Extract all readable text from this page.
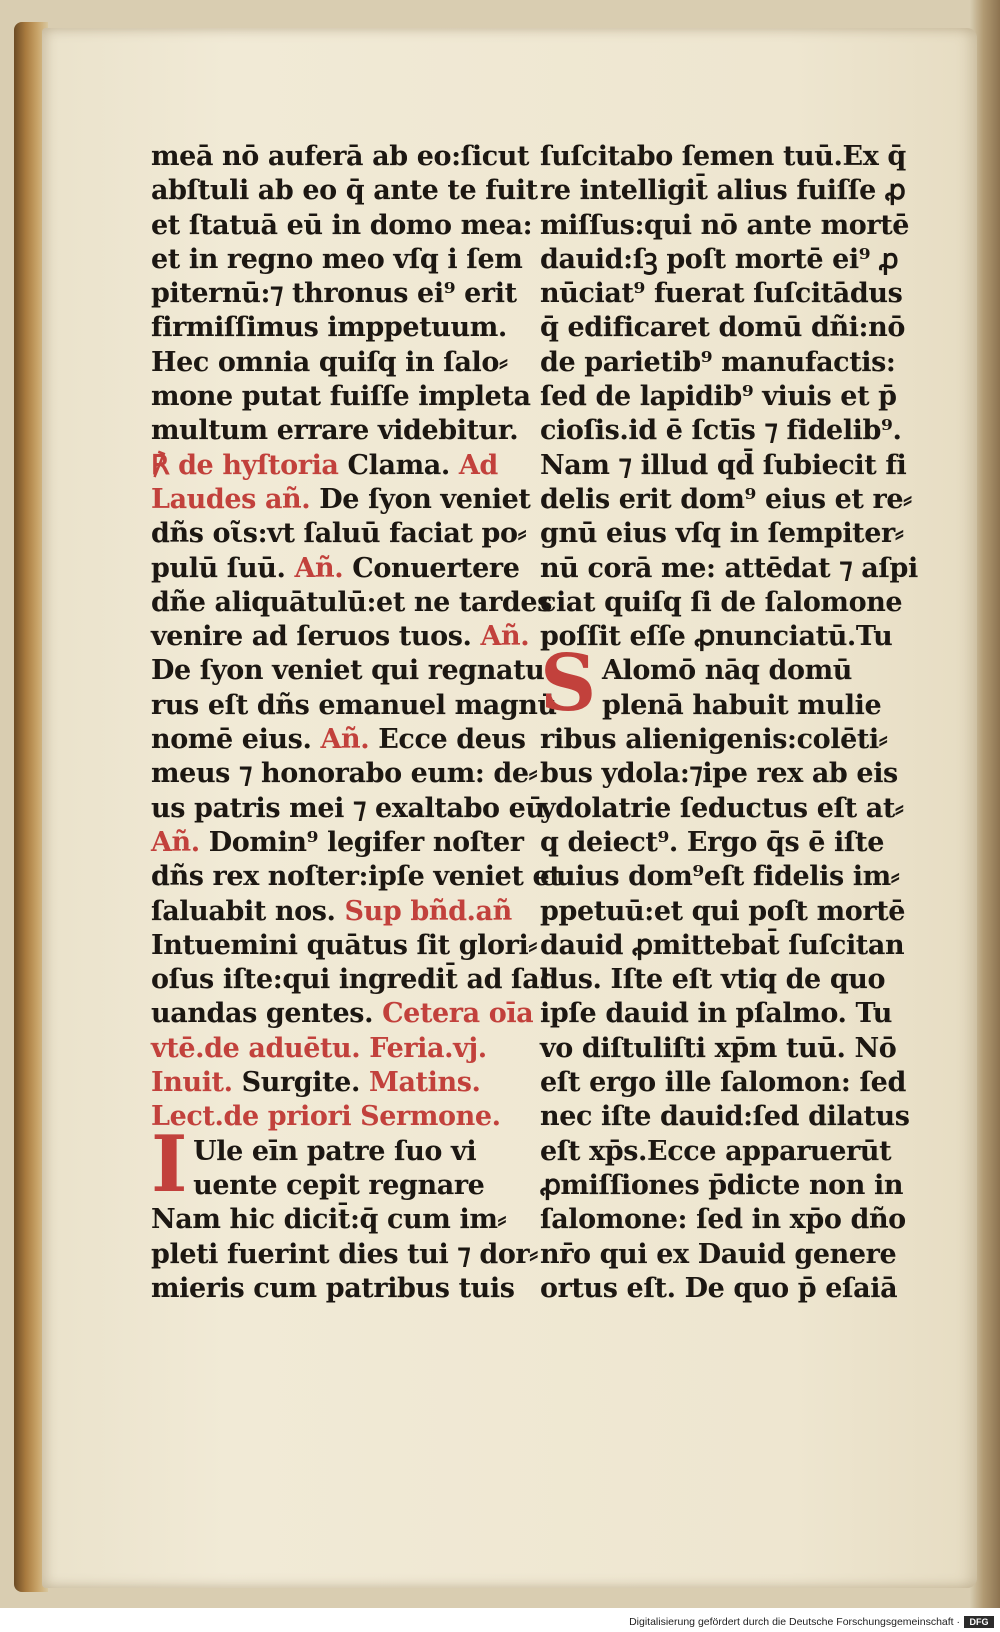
meā nō auferā ab eo:ſicut
abſtuli ab eo q̄ ante te fuit
et ſtatuā eū in domo mea:
et in regno meo vſq̧ i ſem
piternū:⁊ thronus ei⁹ erit
firmiſſimus imppetuum.
Hec omnia quiſq̧ in ſalo⸗
mone putat fuiſſe impleta
multum errare videbitur.
℟ de hyſtoria Clama. Ad
Laudes añ. De ſyon veniet
dñs oῖs:vt ſaluū faciat po⸗
pulū ſuū. Añ. Conuertere
dñe aliquātulū:et ne tardes
venire ad ſeruos tuos. Añ.
De ſyon veniet qui regnatu
rus eſt dñs emanuel magnū
nomē eius. Añ. Ecce deus
meus ⁊ honorabo eum: de⸗
us patris mei ⁊ exaltabo eū
Añ. Domin⁹ legifer noſter
dñs rex noſter:ipſe veniet et
ſaluabit nos. Sup bñd.añ
Intuemini quātus ſit glori⸗
oſus iſte:qui ingredit̄ ad ſal
uandas gentes. Cetera oīa
vtē.de aduētu. Feria.vj.
Inuit. Surgite. Matins.
Lect.de priori Sermone.
I Ule eīn patre ſuo vi
uente cepit regnare
Nam hic dicit̄:q̄ cum im⸗
pleti fuerint dies tui ⁊ dor⸗
mieris cum patribus tuis
ſuſcitabo ſemen tuū.Ex q̄
re intelligit̄ alius fuiſſe ꝓ
miſſus:qui nō ante mortē
dauid:ſꝫ poſt mortē ei⁹ ꝓ
nūciat⁹ fuerat ſuſcitādus
q̄ edificaret domū dñi:nō
de parietib⁹ manufactis:
ſed de lapidib⁹ viuis et p̄
cioſis.id ē ſctīs ⁊ fidelib⁹.
Nam ⁊ illud qd̄ ſubiecit fi
delis erit dom⁹ eius et re⸗
gnū eius vſq̧ in ſempiter⸗
nū corā me: attēdat ⁊ aſpi
ciat quiſq̧ ſi de ſalomone
poſſit eſſe ꝓnunciatū.Tu
S Alomō nāq̧ domū
plenā habuit mulie
ribus alienigenis:colēti⸗
bus ydola:⁊ipe rex ab eis
ydolatrie ſeductus eſt at⸗
q̧ deiect⁹. Ergo q̄s ē iſte
cuius dom⁹eſt fidelis im⸗
ppetuū:et qui poſt mortē
dauid ꝓmittebat̄ ſuſcitan
dus. Iſte eſt vtiq̧ de quo
ipſe dauid in pſalmo. Tu
vo diſtuliſti xp̄m tuū. Nō
eſt ergo ille ſalomon: ſed
nec iſte dauid:ſed dilatus
eſt xp̄s.Ecce apparuerūt
ꝓmiſſiones p̄dicte non in
ſalomone: ſed in xp̄o dño
nr̄o qui ex Dauid genere
ortus eſt. De quo p̄ eſaiā
Digitalisierung gefördert durch die Deutsche Forschungsgemeinschaft · DFG
